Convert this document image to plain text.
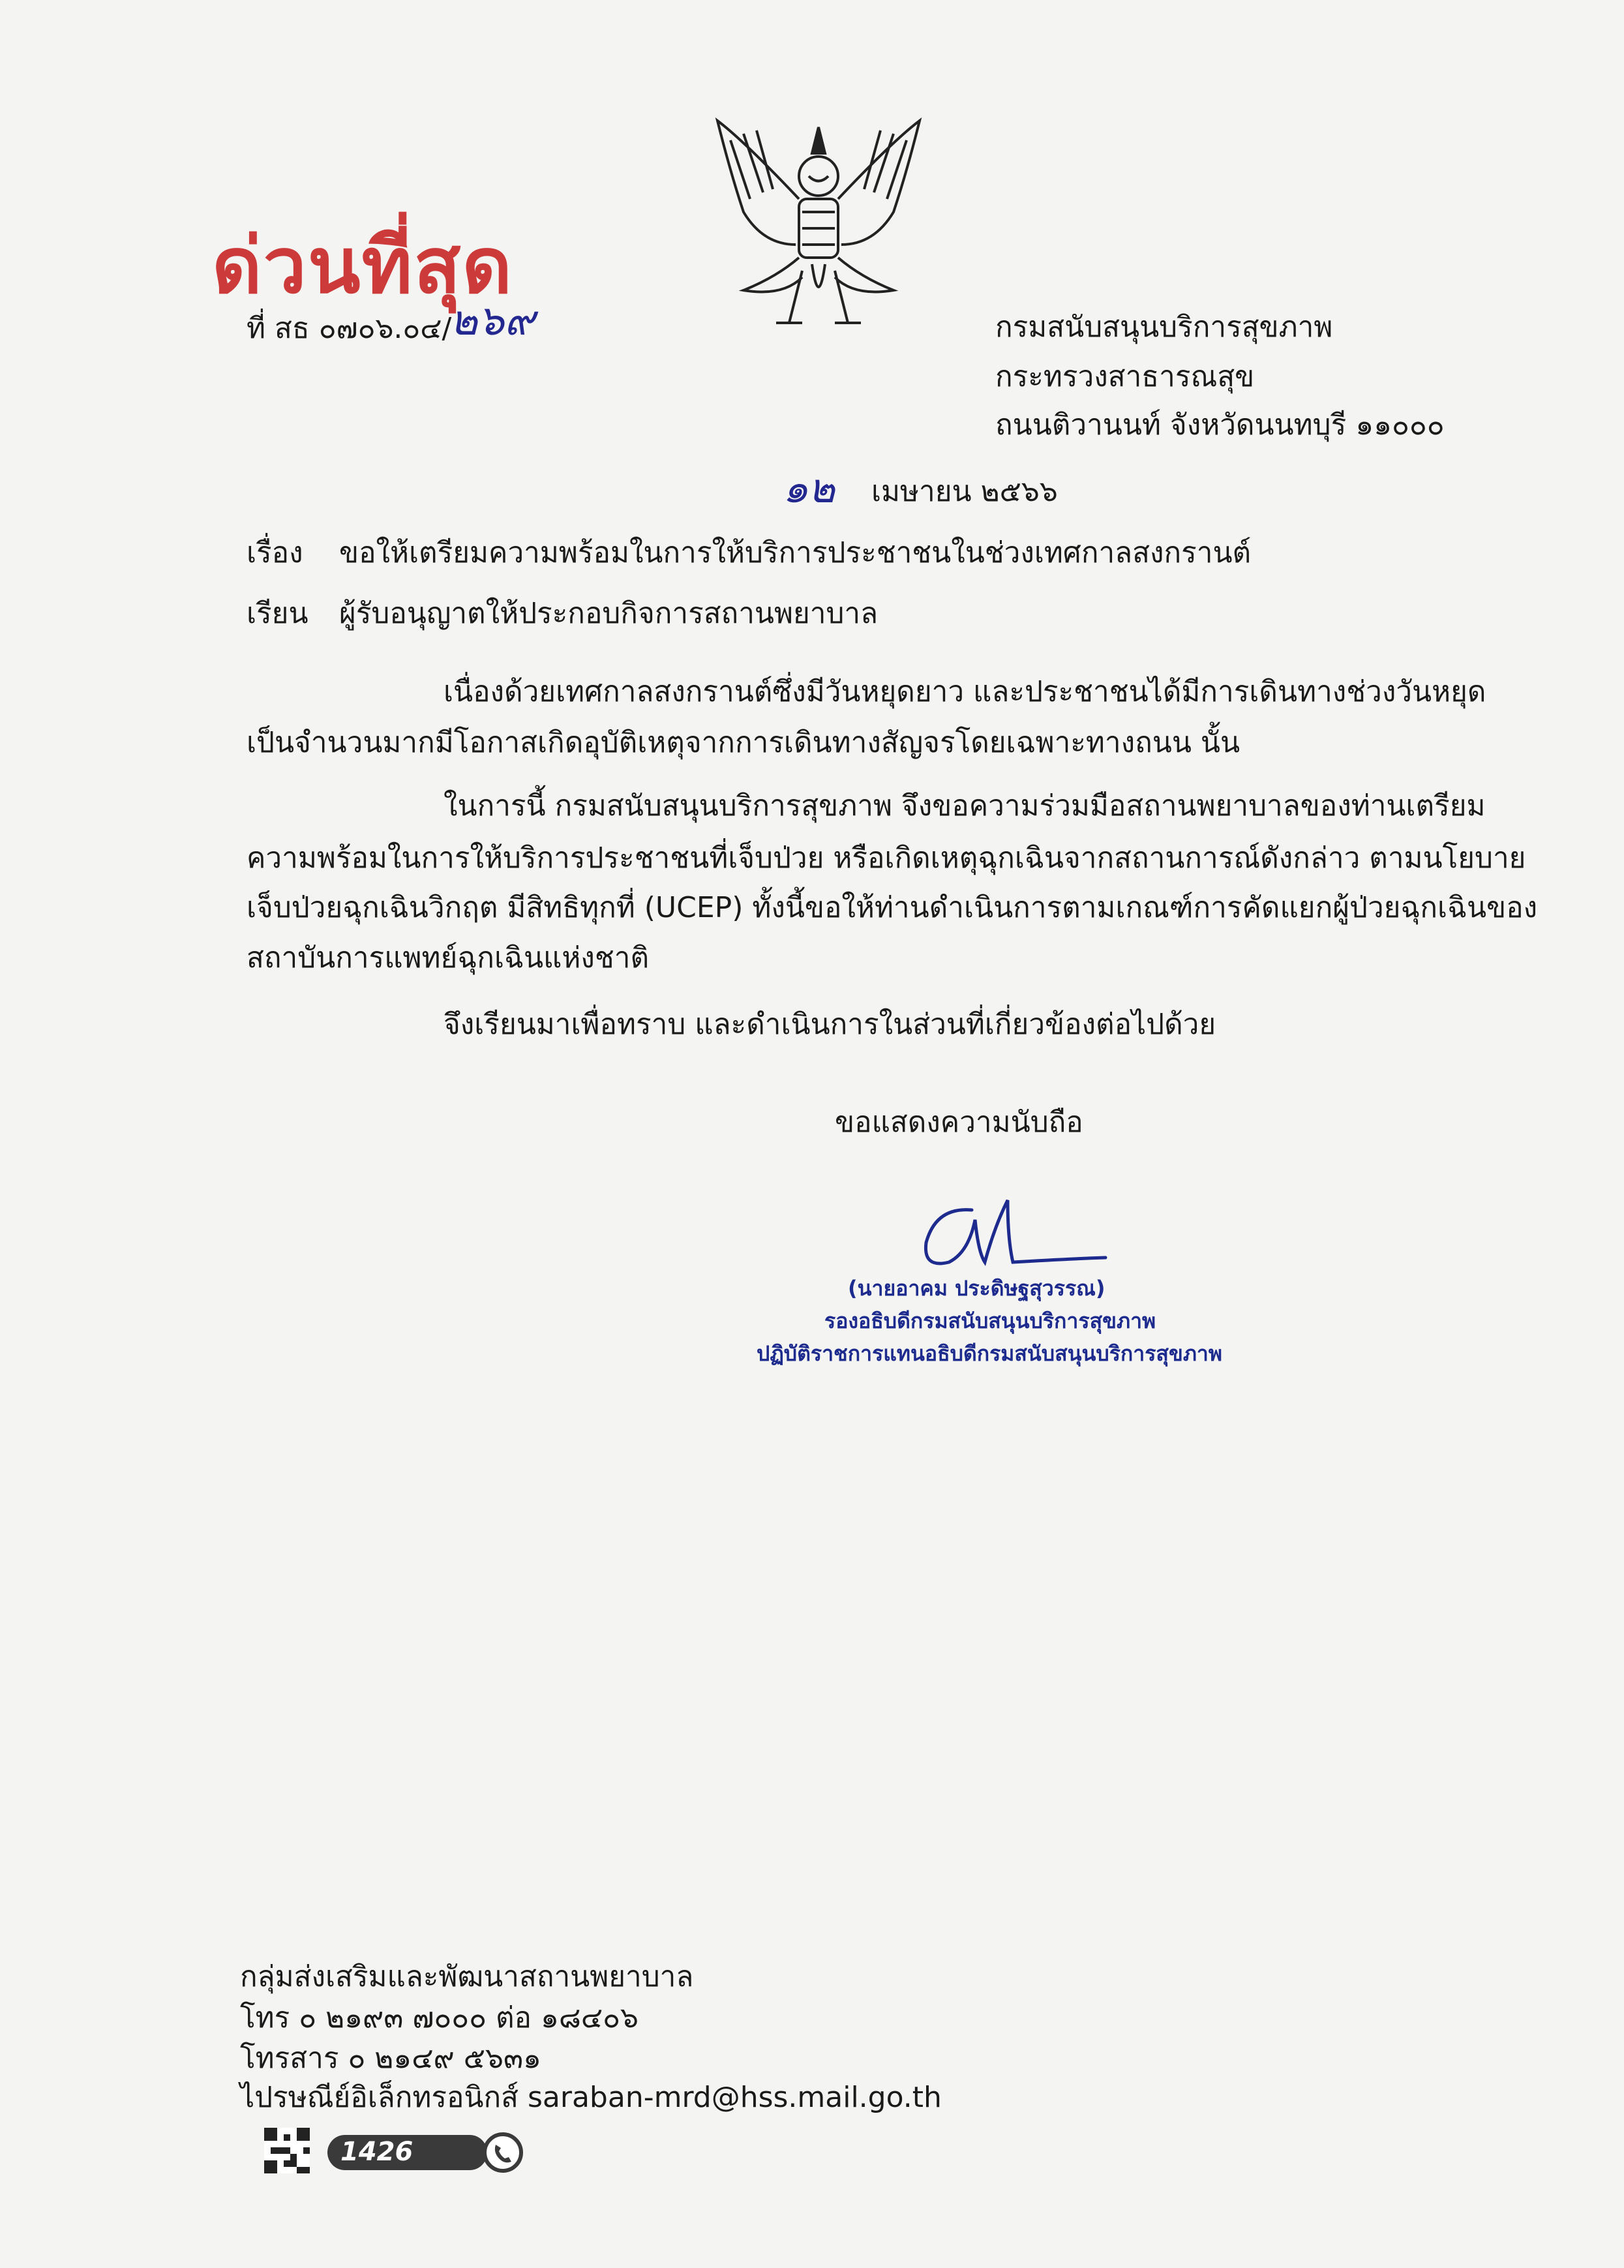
ด่วนที่สุด
ที่ สธ ๐๗๐๖.๐๔/
๒๖๙	กรมสนับสนุนบริการสุขภาพ
กระทรวงสาธารณสุข
ถนนติวานนท์ จังหวัดนนทบุรี ๑๑๐๐๐
๑๒ เมษายน ๒๕๖๖
เรื่อง ขอให้เตรียมความพร้อมในการให้บริการประชาชนในช่วงเทศกาลสงกรานต์
เรียน ผู้รับอนุญาตให้ประกอบกิจการสถานพยาบาล
เนื่องด้วยเทศกาลสงกรานต์ซึ่งมีวันหยุดยาว และประชาชนได้มีการเดินทางช่วงวันหยุด
เป็นจำนวนมากมีโอกาสเกิดอุบัติเหตุจากการเดินทางสัญจรโดยเฉพาะทางถนน นั้น
ในการนี้ กรมสนับสนุนบริการสุขภาพ จึงขอความร่วมมือสถานพยาบาลของท่านเตรียม
ความพร้อมในการให้บริการประชาชนที่เจ็บป่วย หรือเกิดเหตุฉุกเฉินจากสถานการณ์ดังกล่าว ตามนโยบาย
เจ็บป่วยฉุกเฉินวิกฤต มีสิทธิทุกที่ (UCEP) ทั้งนี้ขอให้ท่านดำเนินการตามเกณฑ์การคัดแยกผู้ป่วยฉุกเฉินของ
สถาบันการแพทย์ฉุกเฉินแห่งชาติ
จึงเรียนมาเพื่อทราบ และดำเนินการในส่วนที่เกี่ยวข้องต่อไปด้วย
ขอแสดงความนับถือ
(นายอาคม ประดิษฐสุวรรณ)
รองอธิบดีกรมสนับสนุนบริการสุขภาพ
ปฏิบัติราชการแทนอธิบดีกรมสนับสนุนบริการสุขภาพ
กลุ่มส่งเสริมและพัฒนาสถานพยาบาล
โทร ๐ ๒๑๙๓ ๗๐๐๐ ต่อ ๑๘๔๐๖
โทรสาร ๐ ๒๑๔๙ ๕๖๓๑
ไปรษณีย์อิเล็กทรอนิกส์ saraban-mrd@hss.mail.go.th
1426
